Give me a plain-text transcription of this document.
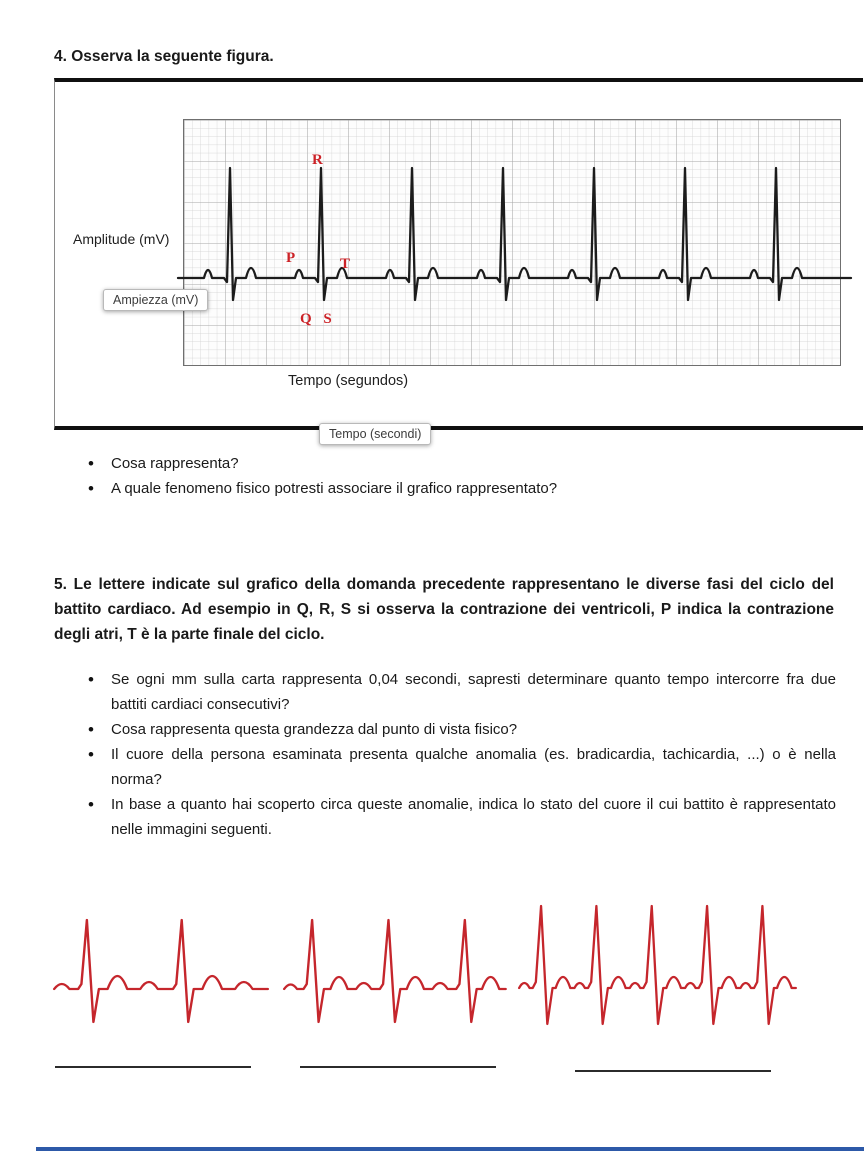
4. Osserva la seguente figura.
Amplitude (mV)
R
P	T
Q S
Ampiezza (mV)
Tempo (segundos)
Tempo (secondi)
• Cosa rappresenta?
• A quale fenomeno fisico potresti associare il grafico rappresentato?

5. Le lettere indicate sul grafico della domanda precedente rappresentano le diverse fasi del ciclo del battito cardiaco. Ad esempio in Q, R, S si osserva la contrazione dei ventricoli, P indica la contrazione degli atri, T è la parte finale del ciclo.

• Se ogni mm sulla carta rappresenta 0,04 secondi, sapresti determinare quanto tempo intercorre fra due battiti cardiaci consecutivi?
• Cosa rappresenta questa grandezza dal punto di vista fisico?
• Il cuore della persona esaminata presenta qualche anomalia (es. bradicardia, tachicardia, ...) o è nella norma?
• In base a quanto hai scoperto circa queste anomalie, indica lo stato del cuore il cui battito è rappresentato nelle immagini seguenti.
